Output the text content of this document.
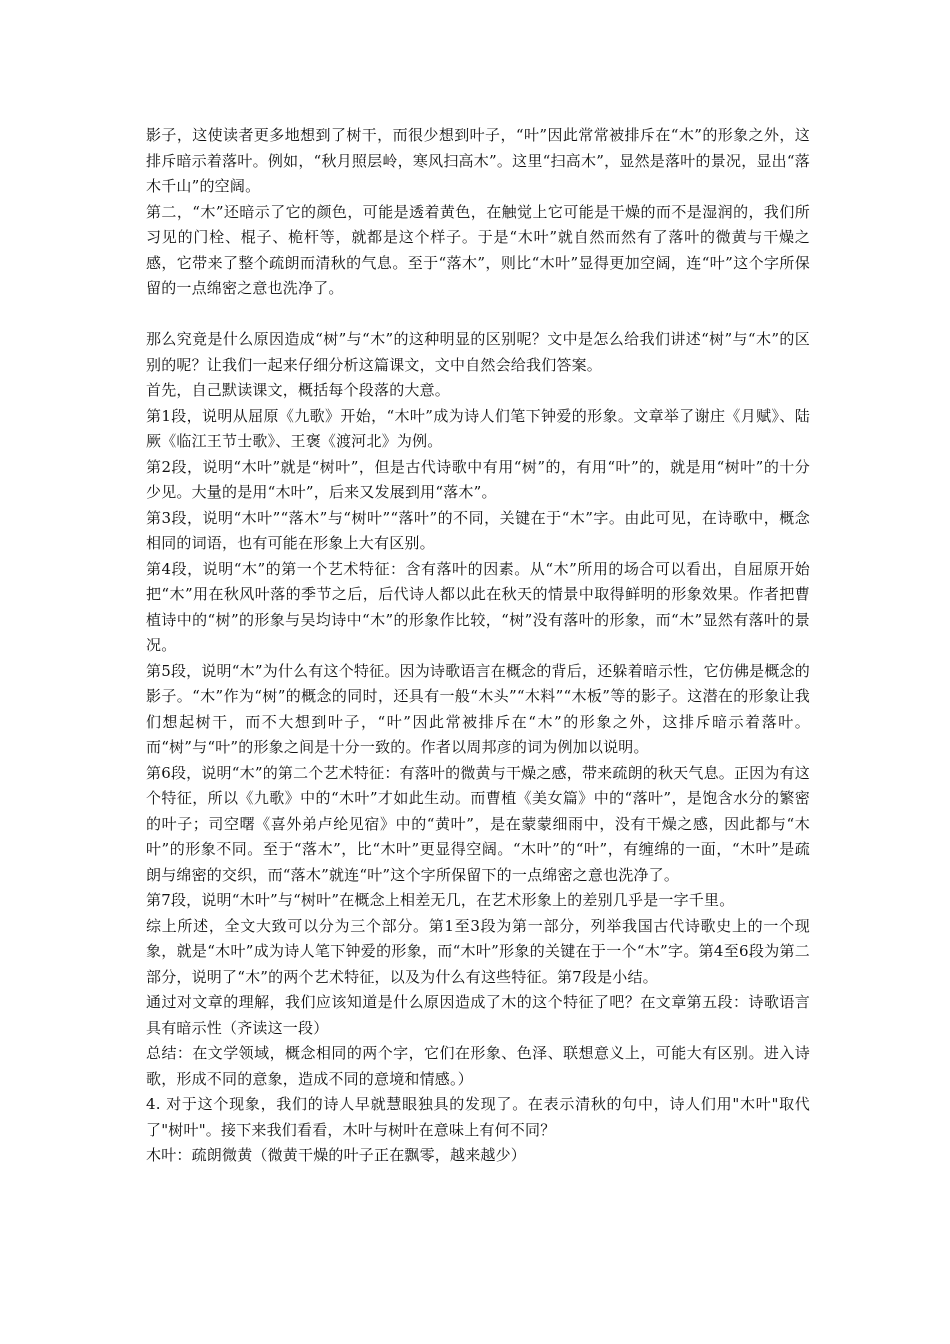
影子，这使读者更多地想到了树干，而很少想到叶子，“叶”因此常常被排斥在“木”的形象之外，这排斥暗示着落叶。例如，“秋月照层岭，寒风扫高木”。这里“扫高木”，显然是落叶的景况，显出“落木千山”的空阔。

第二，“木”还暗示了它的颜色，可能是透着黄色，在触觉上它可能是干燥的而不是湿润的，我们所习见的门栓、棍子、桅杆等，就都是这个样子。于是“木叶”就自然而然有了落叶的微黄与干燥之感，它带来了整个疏朗而清秋的气息。至于“落木”，则比“木叶”显得更加空阔，连“叶”这个字所保留的一点绵密之意也洗净了。

那么究竟是什么原因造成“树”与“木”的这种明显的区别呢？文中是怎么给我们讲述“树”与“木”的区别的呢？让我们一起来仔细分析这篇课文，文中自然会给我们答案。

首先，自己默读课文，概括每个段落的大意。

第1段，说明从屈原《九歌》开始，“木叶”成为诗人们笔下钟爱的形象。文章举了谢庄《月赋》、陆厥《临江王节士歌》、王褒《渡河北》为例。

第2段，说明“木叶”就是“树叶”，但是古代诗歌中有用“树”的，有用“叶”的，就是用“树叶”的十分少见。大量的是用“木叶”，后来又发展到用“落木”。

第3段，说明“木叶”“落木”与“树叶”“落叶”的不同，关键在于“木”字。由此可见，在诗歌中，概念相同的词语，也有可能在形象上大有区别。

第4段，说明“木”的第一个艺术特征：含有落叶的因素。从“木”所用的场合可以看出，自屈原开始把“木”用在秋风叶落的季节之后，后代诗人都以此在秋天的情景中取得鲜明的形象效果。作者把曹植诗中的“树”的形象与吴均诗中“木”的形象作比较，“树”没有落叶的形象，而“木”显然有落叶的景况。

第5段，说明“木”为什么有这个特征。因为诗歌语言在概念的背后，还躲着暗示性，它仿佛是概念的影子。“木”作为“树”的概念的同时，还具有一般“木头”“木料”“木板”等的影子。这潜在的形象让我们想起树干，而不大想到叶子，“叶”因此常被排斥在“木”的形象之外，这排斥暗示着落叶。而“树”与“叶”的形象之间是十分一致的。作者以周邦彦的词为例加以说明。

第6段，说明“木”的第二个艺术特征：有落叶的微黄与干燥之感，带来疏朗的秋天气息。正因为有这个特征，所以《九歌》中的“木叶”才如此生动。而曹植《美女篇》中的“落叶”，是饱含水分的繁密的叶子；司空曙《喜外弟卢纶见宿》中的“黄叶”，是在蒙蒙细雨中，没有干燥之感，因此都与“木叶”的形象不同。至于“落木”，比“木叶”更显得空阔。“木叶”的“叶”，有缠绵的一面，“木叶”是疏朗与绵密的交织，而“落木”就连“叶”这个字所保留下的一点绵密之意也洗净了。

第7段，说明“木叶”与“树叶”在概念上相差无几，在艺术形象上的差别几乎是一字千里。

综上所述，全文大致可以分为三个部分。第1至3段为第一部分，列举我国古代诗歌史上的一个现象，就是“木叶”成为诗人笔下钟爱的形象，而“木叶”形象的关键在于一个“木”字。第4至6段为第二部分，说明了“木”的两个艺术特征，以及为什么有这些特征。第7段是小结。

通过对文章的理解，我们应该知道是什么原因造成了木的这个特征了吧？在文章第五段：诗歌语言具有暗示性（齐读这一段）

总结：在文学领域，概念相同的两个字，它们在形象、色泽、联想意义上，可能大有区别。进入诗歌，形成不同的意象，造成不同的意境和情感。）

4. 对于这个现象，我们的诗人早就慧眼独具的发现了。在表示清秋的句中，诗人们用"木叶"取代了"树叶"。接下来我们看看，木叶与树叶在意味上有何不同？

木叶：疏朗微黄（微黄干燥的叶子正在飘零，越来越少）
